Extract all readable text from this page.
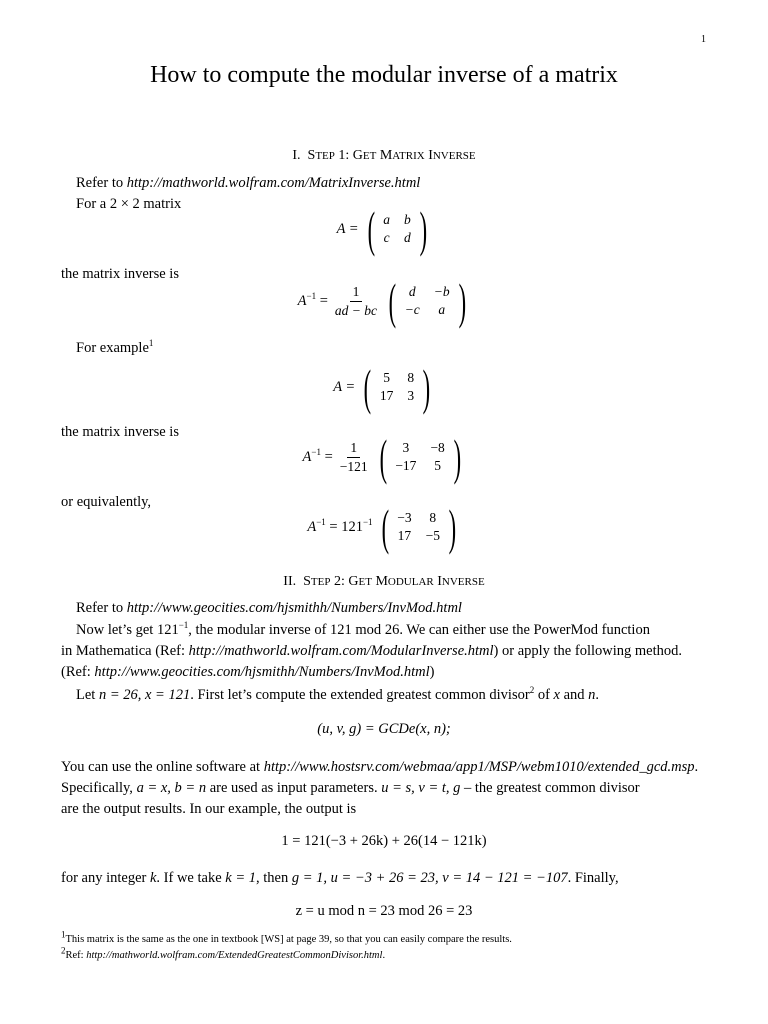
1
How to compute the modular inverse of a matrix
I. STEP 1: GET MATRIX INVERSE
Refer to http://mathworld.wolfram.com/MatrixInverse.html
For a 2 × 2 matrix
A = ( a b
c d )
the matrix inverse is
$A^{-1} = \frac{1}{ad - bc}$ ( d	−b
−c	a )
For example$^1$
A = ( 5 8
17 3 )
the matrix inverse is
$A^{-1} = \frac{1}{-121}$ (	3	−8
−17 5 )
or equivalently,
$A^{-1} = 121^{-1}$ ( −3 8
17 −5 )
II. STEP 2: GET MODULAR INVERSE
Refer to http://www.geocities.com/hjsmithh/Numbers/InvMod.html
Now let’s get $121^{-1}$, the modular inverse of 121 mod 26. We can either use the PowerMod function
in Mathematica (Ref: http://mathworld.wolfram.com/ModularInverse.html) or apply the following method.
(Ref: http://www.geocities.com/hjsmithh/Numbers/InvMod.html)
Let n = 26, x = 121. First let’s compute the extended greatest common divisor$^2$ of x and n.
(u, v, g) = GCDe(x, n);
You can use the online software at http://www.hostsrv.com/webmaa/app1/MSP/webm1010/extended_gcd.msp.
Specifically, a = x, b = n are used as input parameters. u = s, v = t, g – the greatest common divisor
are the output results. In our example, the output is
1 = 121(−3 + 26k) + 26(14 − 121k)
for any integer k. If we take k = 1, then g = 1, u = −3 + 26 = 23, v = 14 − 121 = −107. Finally,
z = u mod n = 23 mod 26 = 23
$^1$This matrix is the same as the one in textbook [WS] at page 39, so that you can easily compare the results.
$^2$Ref: http://mathworld.wolfram.com/ExtendedGreatestCommonDivisor.html.
